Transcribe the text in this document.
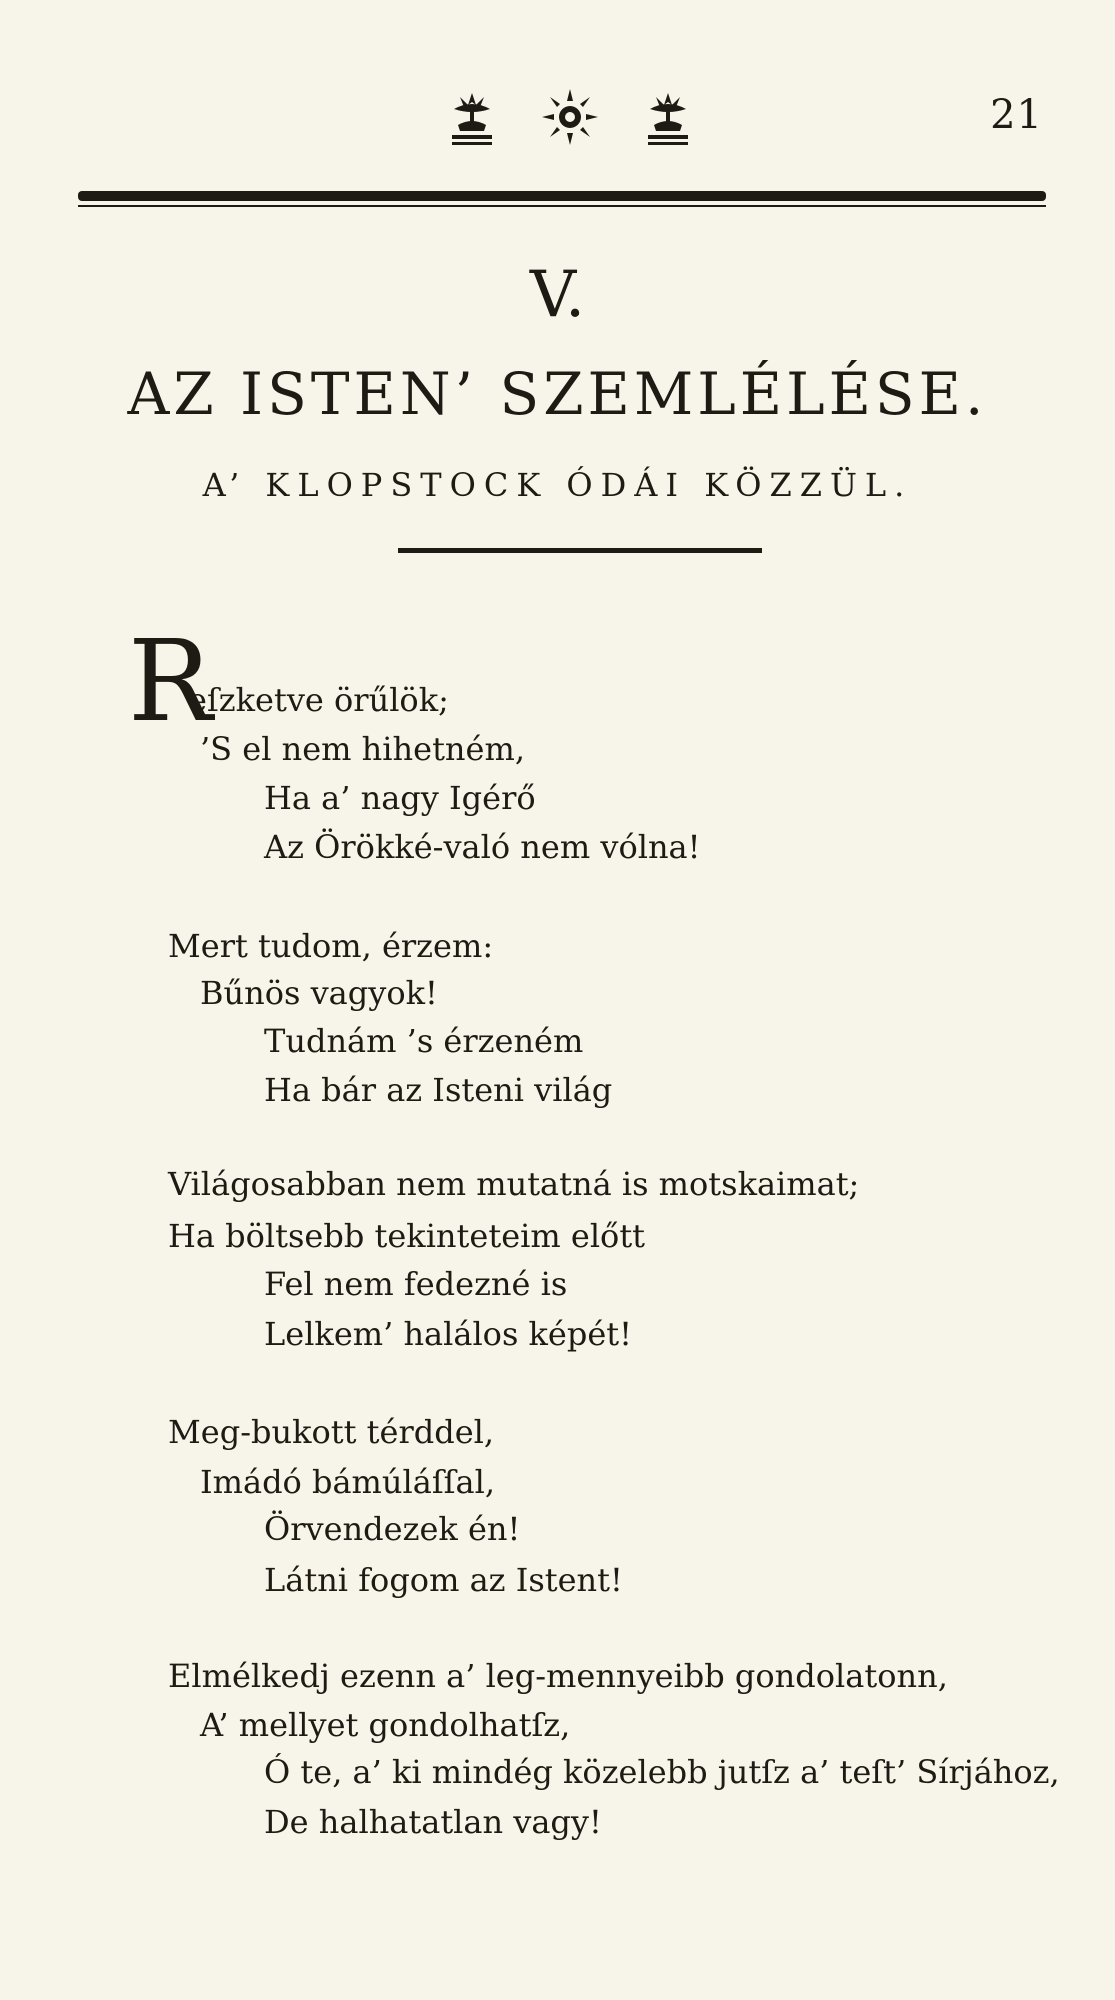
21
V.
AZ ISTEN’ SZEMLÉLÉSE.
A’ KLOPSTOCK ÓDÁI KÖZZÜL.
R
eſzketve örűlök;
’S el nem hihetném,
Ha a’ nagy Igérő
Az Örökké-való nem vólna!
Mert tudom, érzem:
Bűnös vagyok!
Tudnám ’s érzeném
Ha bár az Isteni világ
Világosabban nem mutatná is motskaimat;
Ha böltsebb tekinteteim előtt
Fel nem fedezné is
Lelkem’ halálos képét!
Meg-bukott térddel,
Imádó bámúláſſal,
Örvendezek én!
Látni fogom az Istent!
Elmélkedj ezenn a’ leg-mennyeibb gondolatonn,
A’ mellyet gondolhatſz,
Ó te, a’ ki mindég közelebb jutſz a’ teſt’ Sírjához,
De halhatatlan vagy!
